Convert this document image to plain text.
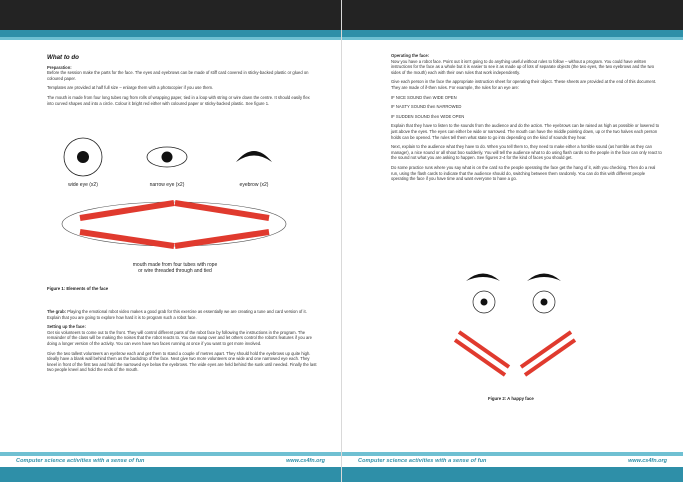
What to do

Preparation:

Before the session make the parts for the face. The eyes and eyebrows can be made of stiff card covered in sticky-backed plastic or glued on coloured paper.

Templates are provided at half full size – enlarge them with a photocopier if you use them.

The mouth is made from four long tubes rag from rolls of wrapping paper, tied in a loop with string or wire down the centre. It should easily flex into curved shapes and into a circle. Colour it bright red either with coloured paper or sticky-backed plastic. See figure 1.

wide eye (x2)	narrow eye (x2)	eyebrow (x2)
mouth made from four tubes with rope
or wire threaded through and tied
Figure 1: Elements of the face

The grab: Playing the emotional robot video makes a good grab for this exercise as essentially we are creating a tune and card version of it. Explain that you are going to explore how hard it is to program such a robot face.

Setting up the face:

Get six volunteers to come out to the front. They will control different parts of the robot face by following the instructions in the program. The remainder of the class will be making the noises that the robot reacts to. You can swap over and let others control the robot's features if you are doing a longer version of the activity. You can even have two faces running at once if you want to get more involved.

Give the two tallest volunteers an eyebrow each and get them to stand a couple of metres apart. They should hold the eyebrows up quite high. Ideally have a blank wall behind them as the backdrop of the face. Next give two more volunteers one wide and one narrowed eye each. They kneel in front of the first two and hold the narrowed eye below the eyebrows. The wide eyes are held behind the sunk until needed. Finally the last two people kneel and hold the ends of the mouth.

Computer science activities with a sense of fun	www.cs4fn.org

Operating the face:

Now you have a robot face. Point out it isn't going to do anything useful without rules to follow – without a program. You could have written instructions for the face as a whole but it is easier to see it as made up of lots of separate objects (the two eyes, the two eyebrows and the two sides of the mouth) each with their own rules that work independently.

Give each person in the face the appropriate instruction sheet for operating their object. These sheets are provided at the end of this document. They are made of if-then rules. For example, the rules for an eye are:

IF NICE SOUND then WIDE OPEN

IF NASTY SOUND then NARROWED

IF SUDDEN SOUND then WIDE OPEN

Explain that they have to listen to the sounds from the audience and do the action. The eyebrows can be raised as high as possible or lowered to just above the eyes. The eyes can either be wide or narrowed. The mouth can have the middle pointing down, up or the two halves each person holds can be opened. The rules tell them what state to go into depending on the kind of sounds they hear.

Next, explain to the audience what they have to do. When you tell them to, they need to make either a horrible sound (as horrible as they can manage!), a nice sound or all shout boo suddenly. You will tell the audience what to do using flash cards so the people in the face can only react to the sound not what you are asking to happen. See figures 2-4 for the kind of faces you should get.

Do some practice runs where you say what is on the card so the people operating the face get the hang of it, with you checking. Then do a real run, using the flash cards to indicate that the audience should do, switching between them randomly. You can do this with different people operating the face if you have time and want everyone to have a go.

Figure 2: A happy face
Computer science activities with a sense of fun	www.cs4fn.org
